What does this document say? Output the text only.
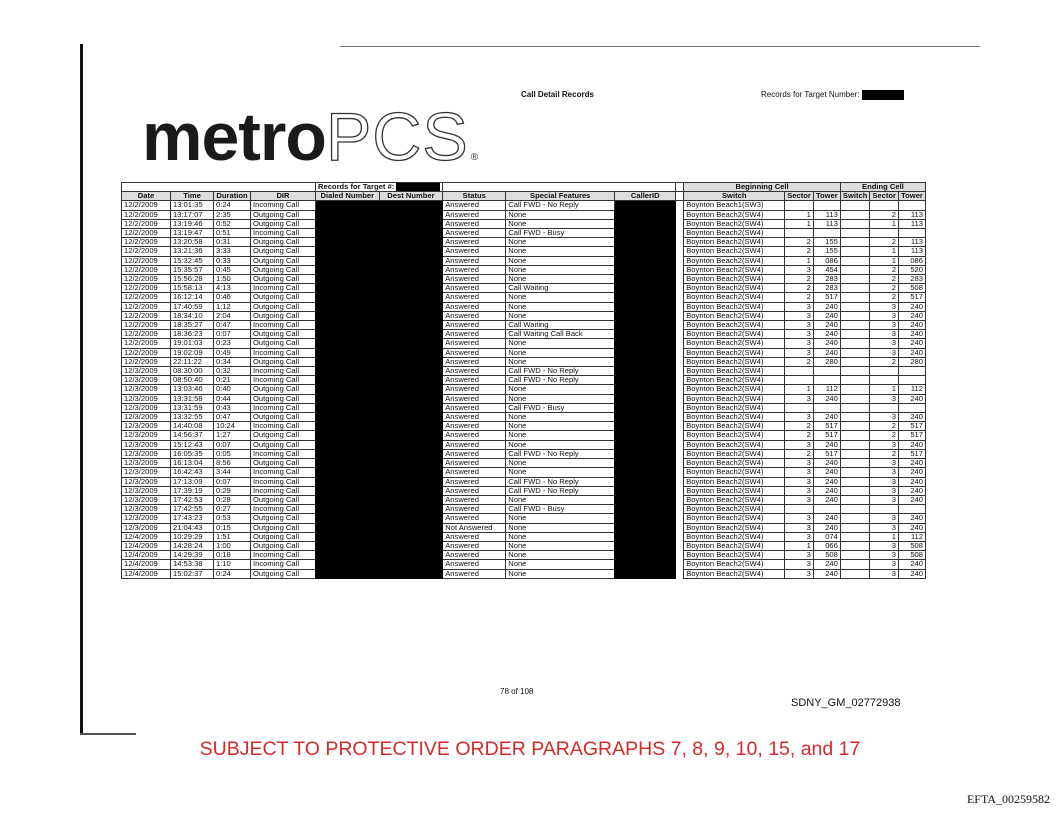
metroPCS ®
Call Detail Records	Records for Target Number:
				Records for Target #:						Beginning Cell			Ending Cell		
Date	Time	Duration	DIR	Dialed Number	Dest Number	Status	Special Features	CallerID		Switch	Sector	Tower	Switch	Sector	Tower
12/2/2009	13:01:35	0:24	Incoming Call			Answered	Call FWD - No Reply			Boynton Beach1(SW3)					
12/2/2009	13:17:07	2:35	Outgoing Call			Answered	None			Boynton Beach2(SW4)	1	113		2	113
12/2/2009	13:19:46	0:52	Outgoing Call			Answered	None			Boynton Beach2(SW4)	1	113		1	113
12/2/2009	13:19:47	0:51	Incoming Call			Answered	Call FWD - Busy			Boynton Beach2(SW4)					
12/2/2009	13:20:58	0:31	Outgoing Call			Answered	None			Boynton Beach2(SW4)	2	155		2	113
12/2/2009	13:21:36	3:33	Outgoing Call			Answered	None			Boynton Beach2(SW4)	2	155		1	113
12/2/2009	15:32:45	0:33	Outgoing Call			Answered	None			Boynton Beach2(SW4)	1	086		1	086
12/2/2009	15:35:57	0:45	Outgoing Call			Answered	None			Boynton Beach2(SW4)	3	454		2	520
12/2/2009	15:56:28	1:50	Outgoing Call			Answered	None			Boynton Beach2(SW4)	2	283		2	283
12/2/2009	15:58:13	4:13	Incoming Call			Answered	Call Waiting			Boynton Beach2(SW4)	2	283		2	508
12/2/2009	16:12:14	0:46	Outgoing Call			Answered	None			Boynton Beach2(SW4)	2	517		2	517
12/2/2009	17:40:59	1:12	Outgoing Call			Answered	None			Boynton Beach2(SW4)	3	240		3	240
12/2/2009	18:34:10	2:04	Outgoing Call			Answered	None			Boynton Beach2(SW4)	3	240		3	240
12/2/2009	18:35:27	0:47	Incoming Call			Answered	Call Waiting			Boynton Beach2(SW4)	3	240		3	240
12/2/2009	18:36:23	0:07	Outgoing Call			Answered	Call Waiting Call Back			Boynton Beach2(SW4)	3	240		3	240
12/2/2009	19:01:03	0:23	Outgoing Call			Answered	None			Boynton Beach2(SW4)	3	240		3	240
12/2/2009	19:02:09	0:49	Incoming Call			Answered	None			Boynton Beach2(SW4)	3	240		3	240
12/2/2009	22:11:22	0:34	Outgoing Call			Answered	None			Boynton Beach2(SW4)	2	280		2	280
12/3/2009	08:30:00	0:32	Incoming Call			Answered	Call FWD - No Reply			Boynton Beach2(SW4)					
12/3/2009	08:50:40	0:21	Incoming Call			Answered	Call FWD - No Reply			Boynton Beach2(SW4)					
12/3/2009	13:03:46	0:40	Outgoing Call			Answered	None			Boynton Beach2(SW4)	1	112		1	112
12/3/2009	13:31:58	0:44	Outgoing Call			Answered	None			Boynton Beach2(SW4)	3	240		3	240
12/3/2009	13:31:59	0:43	Incoming Call			Answered	Call FWD - Busy			Boynton Beach2(SW4)					
12/3/2009	13:32:55	0:47	Outgoing Call			Answered	None			Boynton Beach2(SW4)	3	240		3	240
12/3/2009	14:40:08	10:24	Incoming Call			Answered	None			Boynton Beach2(SW4)	2	517		2	517
12/3/2009	14:56:37	1:27	Outgoing Call			Answered	None			Boynton Beach2(SW4)	2	517		2	517
12/3/2009	15:12:43	0:07	Outgoing Call			Answered	None			Boynton Beach2(SW4)	3	240		3	240
12/3/2009	16:05:35	0:05	Incoming Call			Answered	Call FWD - No Reply			Boynton Beach2(SW4)	2	517		2	517
12/3/2009	16:13:04	8:56	Outgoing Call			Answered	None			Boynton Beach2(SW4)	3	240		3	240
12/3/2009	16:42:43	3:44	Incoming Call			Answered	None			Boynton Beach2(SW4)	3	240		3	240
12/3/2009	17:13:09	0:07	Incoming Call			Answered	Call FWD - No Reply			Boynton Beach2(SW4)	3	240		3	240
12/3/2009	17:39:19	0:29	Incoming Call			Answered	Call FWD - No Reply			Boynton Beach2(SW4)	3	240		3	240
12/3/2009	17:42:53	0:28	Outgoing Call			Answered	None			Boynton Beach2(SW4)	3	240		3	240
12/3/2009	17:42:55	0:27	Incoming Call			Answered	Call FWD - Busy			Boynton Beach2(SW4)					
12/3/2009	17:43:23	0:53	Outgoing Call			Answered	None			Boynton Beach2(SW4)	3	240		3	240
12/3/2009	21:04:43	0:15	Outgoing Call			Not Answered	None			Boynton Beach2(SW4)	3	240		3	240
12/4/2009	10:29:29	1:51	Outgoing Call			Answered	None			Boynton Beach2(SW4)	3	074		1	112
12/4/2009	14:28:24	1:00	Outgoing Call			Answered	None			Boynton Beach2(SW4)	1	066		3	508
12/4/2009	14:29:39	0:18	Incoming Call			Answered	None			Boynton Beach2(SW4)	3	508		3	508
12/4/2009	14:53:38	1:10	Incoming Call			Answered	None			Boynton Beach2(SW4)	3	240		3	240
12/4/2009	15:02:37	0:24	Outgoing Call			Answered	None			Boynton Beach2(SW4)	3	240		3	240
78 of 108
SDNY_GM_02772938
SUBJECT TO PROTECTIVE ORDER PARAGRAPHS 7, 8, 9, 10, 15, and 17
EFTA_00259582
